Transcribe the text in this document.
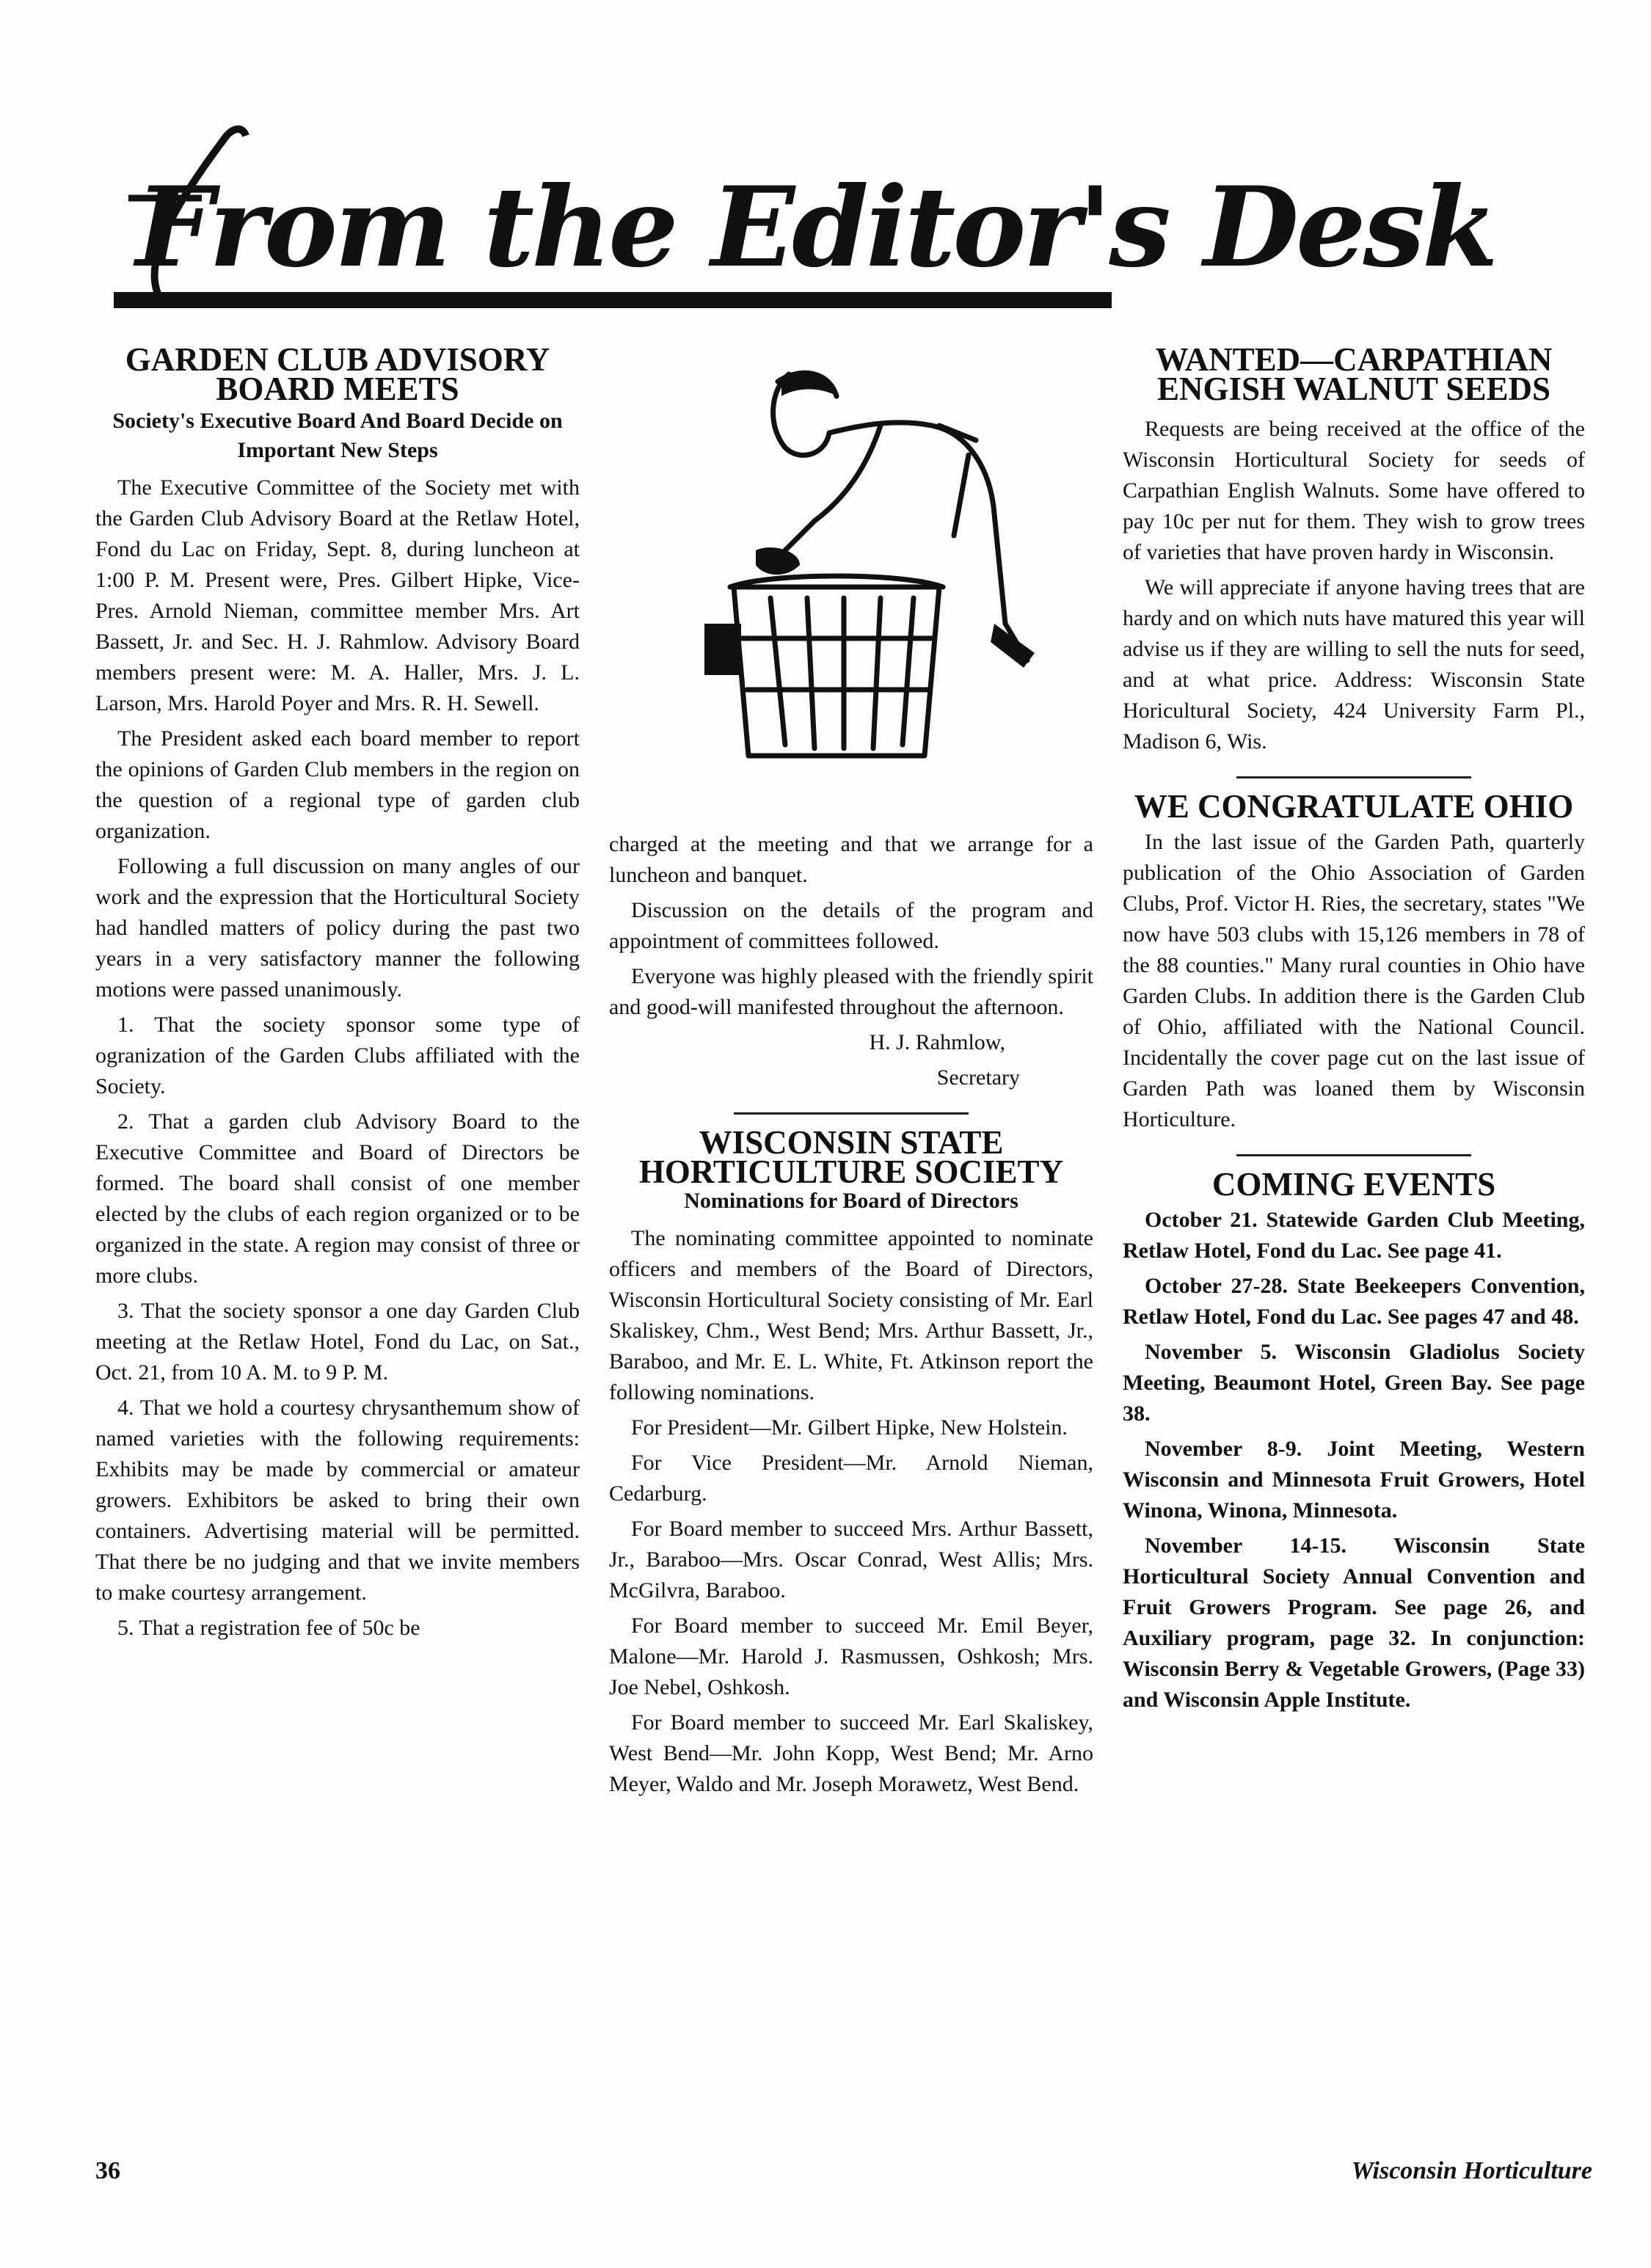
From the Editor's Desk
GARDEN CLUB ADVISORY BOARD MEETS
Society's Executive Board And Board Decide on Important New Steps

The Executive Committee of the Society met with the Garden Club Advisory Board at the Retlaw Hotel, Fond du Lac on Friday, Sept. 8, during luncheon at 1:00 P. M. Present were, Pres. Gilbert Hipke, Vice-Pres. Arnold Nieman, committee member Mrs. Art Bassett, Jr. and Sec. H. J. Rahmlow. Advisory Board members present were: M. A. Haller, Mrs. J. L. Larson, Mrs. Harold Poyer and Mrs. R. H. Sewell.

The President asked each board member to report the opinions of Garden Club members in the region on the question of a regional type of garden club organization.

Following a full discussion on many angles of our work and the expression that the Horticultural Society had handled matters of policy during the past two years in a very satisfactory manner the following motions were passed unanimously.

1. That the society sponsor some type of ogranization of the Garden Clubs affiliated with the Society.

2. That a garden club Advisory Board to the Executive Committee and Board of Directors be formed. The board shall consist of one member elected by the clubs of each region organized or to be organized in the state. A region may consist of three or more clubs.

3. That the society sponsor a one day Garden Club meeting at the Retlaw Hotel, Fond du Lac, on Sat., Oct. 21, from 10 A. M. to 9 P. M.

4. That we hold a courtesy chrysanthemum show of named varieties with the following requirements: Exhibits may be made by commercial or amateur growers. Exhibitors be asked to bring their own containers. Advertising material will be permitted. That there be no judging and that we invite members to make courtesy arrangement.

5. That a registration fee of 50c be

charged at the meeting and that we arrange for a luncheon and banquet.

Discussion on the details of the program and appointment of committees followed.

Everyone was highly pleased with the friendly spirit and good-will manifested throughout the afternoon.

H. J. Rahmlow,

Secretary

WISCONSIN STATE HORTICULTURE SOCIETY
Nominations for Board of Directors

The nominating committee appointed to nominate officers and members of the Board of Directors, Wisconsin Horticultural Society consisting of Mr. Earl Skaliskey, Chm., West Bend; Mrs. Arthur Bassett, Jr., Baraboo, and Mr. E. L. White, Ft. Atkinson report the following nominations.

For President—Mr. Gilbert Hipke, New Holstein.

For Vice President—Mr. Arnold Nieman, Cedarburg.

For Board member to succeed Mrs. Arthur Bassett, Jr., Baraboo—Mrs. Oscar Conrad, West Allis; Mrs. McGilvra, Baraboo.

For Board member to succeed Mr. Emil Beyer, Malone—Mr. Harold J. Rasmussen, Oshkosh; Mrs. Joe Nebel, Oshkosh.

For Board member to succeed Mr. Earl Skaliskey, West Bend—Mr. John Kopp, West Bend; Mr. Arno Meyer, Waldo and Mr. Joseph Morawetz, West Bend.

WANTED—CARPATHIAN ENGISH WALNUT SEEDS

Requests are being received at the office of the Wisconsin Horticultural Society for seeds of Carpathian English Walnuts. Some have offered to pay 10c per nut for them. They wish to grow trees of varieties that have proven hardy in Wisconsin.

We will appreciate if anyone having trees that are hardy and on which nuts have matured this year will advise us if they are willing to sell the nuts for seed, and at what price. Address: Wisconsin State Horicultural Society, 424 University Farm Pl., Madison 6, Wis.

WE CONGRATULATE OHIO

In the last issue of the Garden Path, quarterly publication of the Ohio Association of Garden Clubs, Prof. Victor H. Ries, the secretary, states "We now have 503 clubs with 15,126 members in 78 of the 88 counties." Many rural counties in Ohio have Garden Clubs. In addition there is the Garden Club of Ohio, affiliated with the National Council. Incidentally the cover page cut on the last issue of Garden Path was loaned them by Wisconsin Horticulture.

COMING EVENTS

October 21. Statewide Garden Club Meeting, Retlaw Hotel, Fond du Lac. See page 41.

October 27-28. State Beekeepers Convention, Retlaw Hotel, Fond du Lac. See pages 47 and 48.

November 5. Wisconsin Gladiolus Society Meeting, Beaumont Hotel, Green Bay. See page 38.

November 8-9. Joint Meeting, Western Wisconsin and Minnesota Fruit Growers, Hotel Winona, Winona, Minnesota.

November 14-15. Wisconsin State Horticultural Society Annual Convention and Fruit Growers Program. See page 26, and Auxiliary program, page 32. In conjunction: Wisconsin Berry & Vegetable Growers, (Page 33) and Wisconsin Apple Institute.

36	Wisconsin Horticulture
